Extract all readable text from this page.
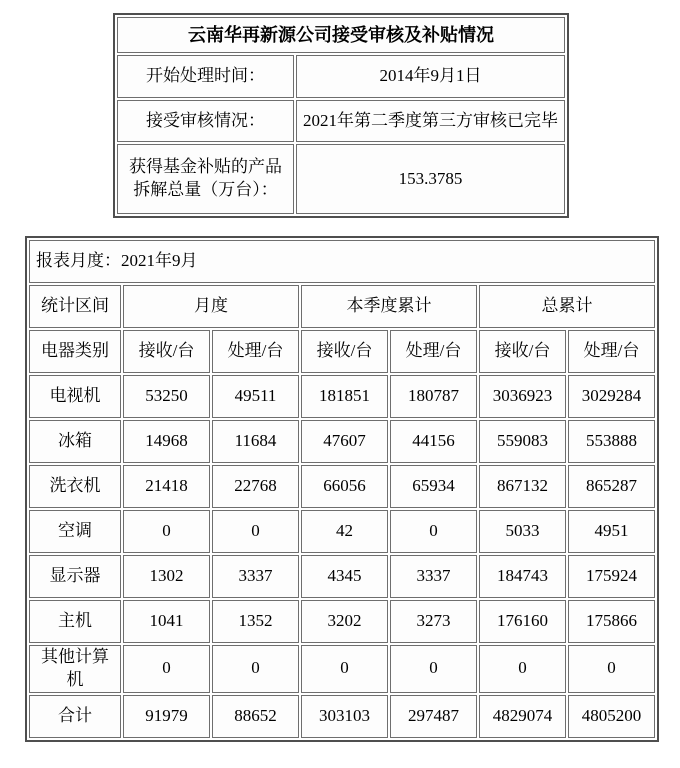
云南华再新源公司接受审核及补贴情况	
开始处理时间：	2014年9月1日
接受审核情况：	2021年第二季度第三方审核已完毕
获得基金补贴的产品拆解总量（万台）：	153.3785
报表月度：2021年9月						
统计区间	月度		本季度累计		总累计	
电器类别	接收/台	处理/台	接收/台	处理/台	接收/台	处理/台
电视机	53250	49511	181851	180787	3036923	3029284
冰箱	14968	11684	47607	44156	559083	553888
洗衣机	21418	22768	66056	65934	867132	865287
空调	0	0	42	0	5033	4951
显示器	1302	3337	4345	3337	184743	175924
主机	1041	1352	3202	3273	176160	175866
其他计算机	0	0	0	0	0	0
合计	91979	88652	303103	297487	4829074	4805200
